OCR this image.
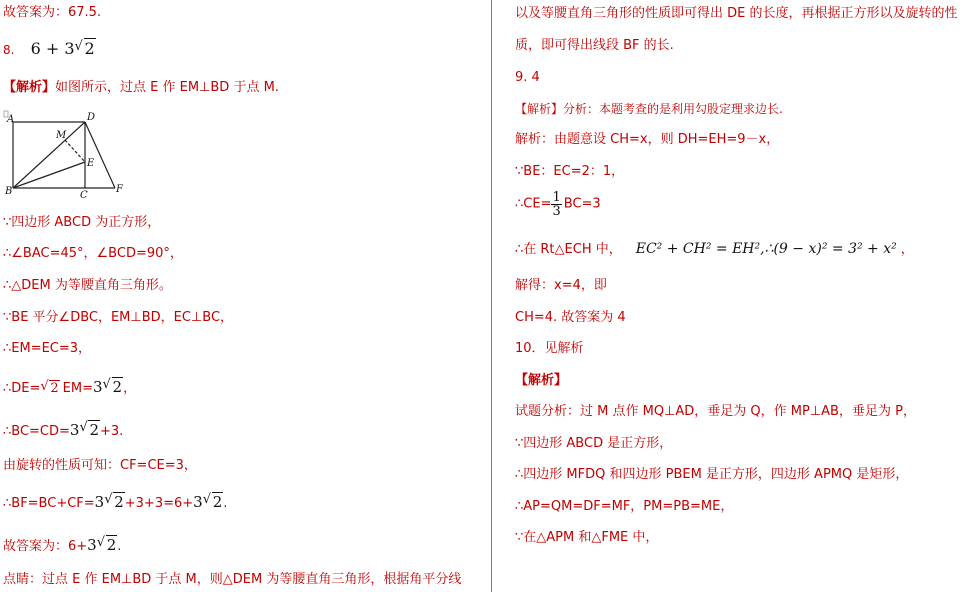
故答案为：67.5.
8. 6 + 3 √ 2
【解析】如图所示，过点 E 作 EM⊥BD 于点 M.
A	D
M
E
B	C
F
∵四边形 ABCD 为正方形，
∴∠BAC=45°，∠BCD=90°，
∴△DEM 为等腰直角三角形。
∵BE 平分∠DBC，EM⊥BD，EC⊥BC，
∴EM=EC=3，
∴DE= √ 2 EM=3 √ 2，
∴BC=CD=3 √ 2+3.
由旋转的性质可知：CF=CE=3，
∴BF=BC+CF=3 √ 2+3+3=6+3 √ 2.
故答案为：6+3 √ 2.
点睛：过点 E 作 EM⊥BD 于点 M，则△DEM 为等腰直角三角形，根据角平分线
以及等腰直角三角形的性质即可得出 DE 的长度，再根据正方形以及旋转的性
质，即可得出线段 BF 的长.
9. 4
【解析】分析：本题考查的是利用勾股定理求边长.
解析：由题意设 CH=x，则 DH=EH=9－x，
∵BE：EC=2：1，
∴CE= $\frac{1}{3} BC=3$
∴在 Rt△ECH 中， EC² + CH² = EH²,∴(9 − x)² = 3² + x² ，
解得：x=4，即
CH=4. 故答案为 4
10．见解析
【解析】
试题分析：过 M 点作 MQ⊥AD，垂足为 Q，作 MP⊥AB，垂足为 P，
∵四边形 ABCD 是正方形，
∴四边形 MFDQ 和四边形 PBEM 是正方形，四边形 APMQ 是矩形，
∴AP=QM=DF=MF，PM=PB=ME，
∵在△APM 和△FME 中，
